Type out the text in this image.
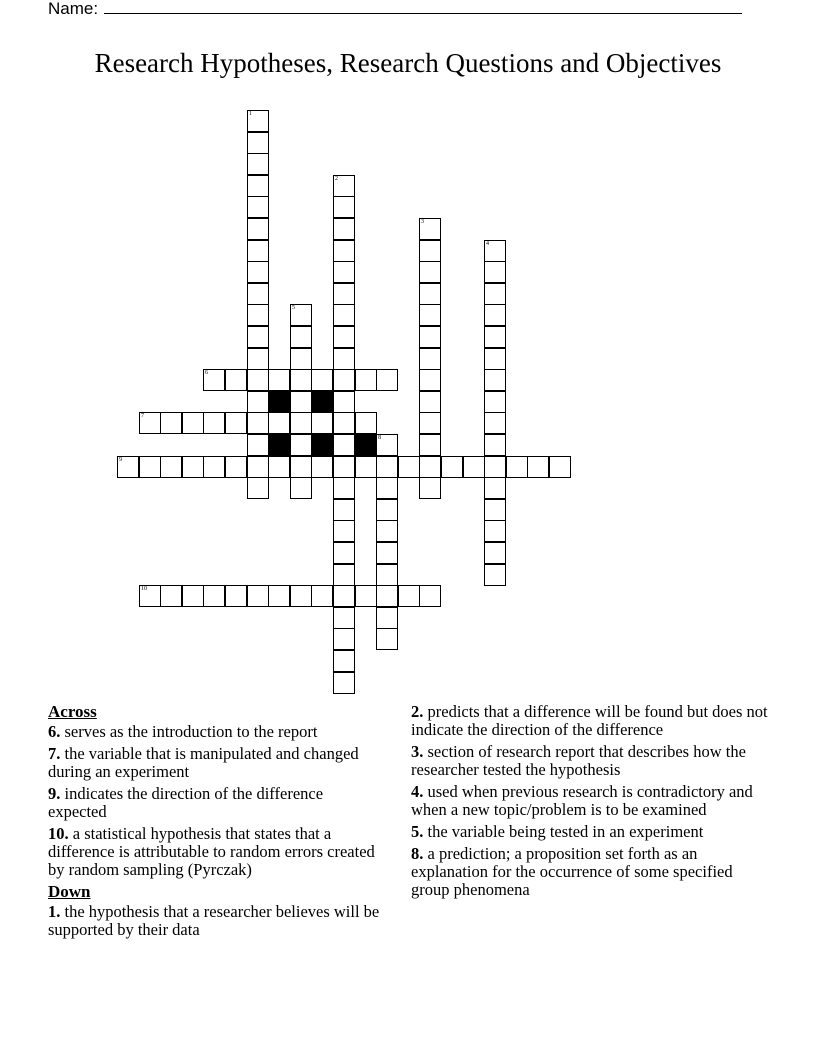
Name:
Research Hypotheses, Research Questions and Objectives
1
2
3
4
5
6
7
8
9
10
Across
6. serves as the introduction to the report
7. the variable that is manipulated and changed during an experiment
9. indicates the direction of the difference expected
10. a statistical hypothesis that states that a difference is attributable to random errors created by random sampling (Pyrczak)
Down
1. the hypothesis that a researcher believes will be supported by their data
2. predicts that a difference will be found but does not indicate the direction of the difference
3. section of research report that describes how the researcher tested the hypothesis
4. used when previous research is contradictory and when a new topic/problem is to be examined
5. the variable being tested in an experiment
8. a prediction; a proposition set forth as an explanation for the occurrence of some specified group phenomena
